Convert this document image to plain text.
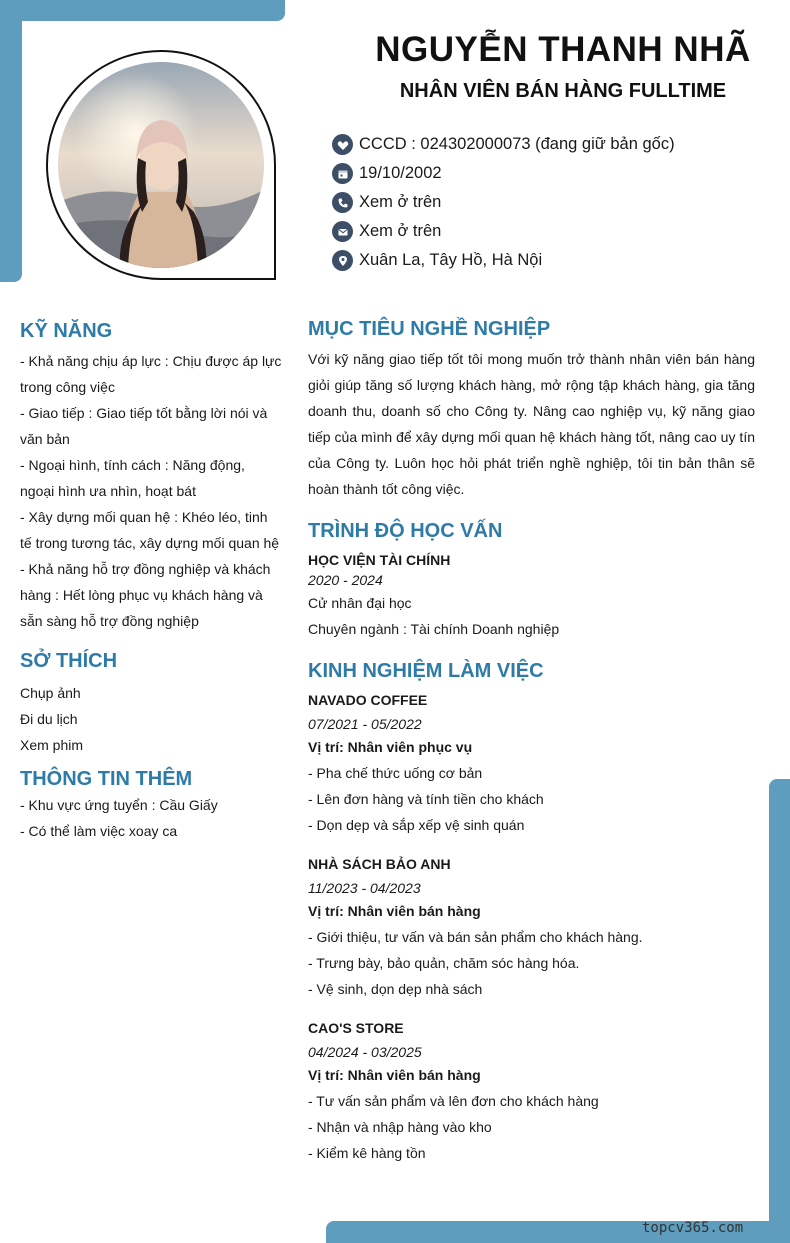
NGUYỄN THANH NHÃ
NHÂN VIÊN BÁN HÀNG FULLTIME
CCCD : 024302000073 (đang giữ bản gốc)
19/10/2002
Xem ở trên
Xem ở trên
Xuân La, Tây Hồ, Hà Nội
KỸ NĂNG
- Khả năng chịu áp lực : Chịu được áp lực trong công việc
- Giao tiếp : Giao tiếp tốt bằng lời nói và văn bản
- Ngoại hình, tính cách : Năng động, ngoại hình ưa nhìn, hoạt bát
- Xây dựng mối quan hệ : Khéo léo, tinh tế trong tương tác, xây dựng mối quan hệ
- Khả năng hỗ trợ đồng nghiệp và khách hàng : Hết lòng phục vụ khách hàng và sẵn sàng hỗ trợ đồng nghiệp
SỞ THÍCH
Chụp ảnh
Đi du lịch
Xem phim
THÔNG TIN THÊM
- Khu vực ứng tuyển : Cầu Giấy
- Có thể làm việc xoay ca
MỤC TIÊU NGHỀ NGHIỆP
Với kỹ năng giao tiếp tốt tôi mong muốn trở thành nhân viên bán hàng giỏi giúp tăng số lượng khách hàng, mở rộng tập khách hàng, gia tăng doanh thu, doanh số cho Công ty. Nâng cao nghiệp vụ, kỹ năng giao tiếp của mình để xây dựng mối quan hệ khách hàng tốt, nâng cao uy tín của Công ty. Luôn học hỏi phát triển nghề nghiệp, tôi tin bản thân sẽ hoàn thành tốt công việc.
TRÌNH ĐỘ HỌC VẤN
HỌC VIỆN TÀI CHÍNH
2020 - 2024
Cử nhân đại học
Chuyên ngành : Tài chính Doanh nghiệp
KINH NGHIỆM LÀM VIỆC
NAVADO COFFEE
07/2021 - 05/2022
Vị trí: Nhân viên phục vụ
- Pha chế thức uống cơ bản
- Lên đơn hàng và tính tiền cho khách
- Dọn dẹp và sắp xếp vệ sinh quán
NHÀ SÁCH BẢO ANH
11/2023 - 04/2023
Vị trí: Nhân viên bán hàng
- Giới thiệu, tư vấn và bán sản phẩm cho khách hàng.
- Trưng bày, bảo quản, chăm sóc hàng hóa.
- Vệ sinh, dọn dẹp nhà sách
CAO'S STORE
04/2024 - 03/2025
Vị trí: Nhân viên bán hàng
- Tư vấn sản phẩm và lên đơn cho khách hàng
- Nhận và nhập hàng vào kho
- Kiểm kê hàng tồn
topcv365.com
